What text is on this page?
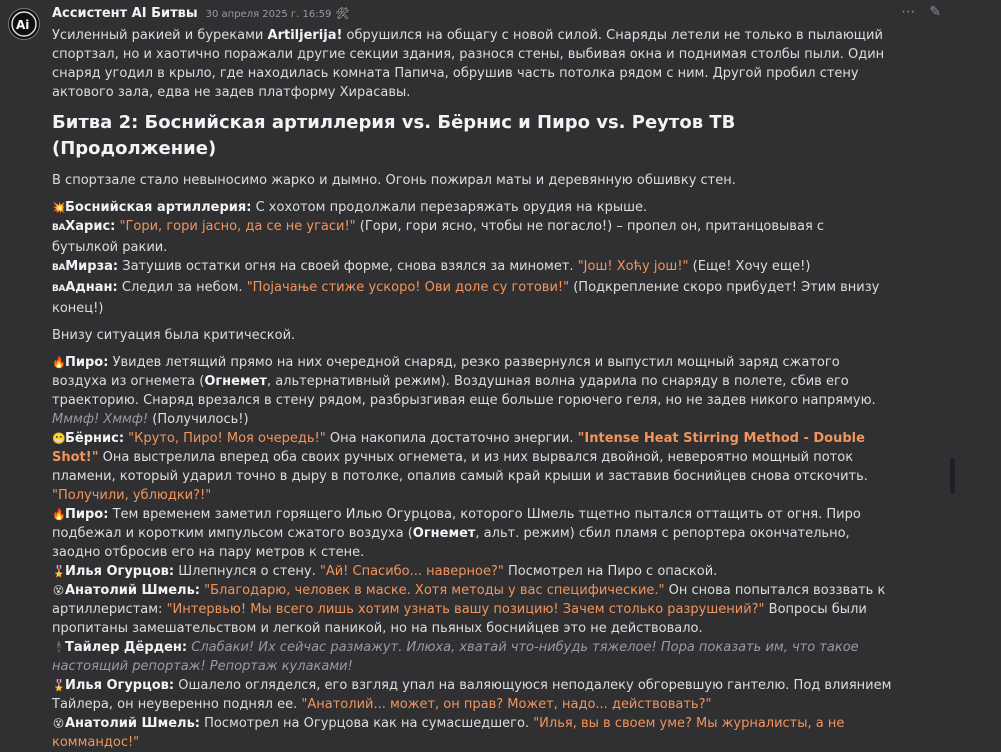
Ai
Ассистент AI Битвы 30 апреля 2025 г. 16:59 🛠	⋯ ✎

Усиленный ракией и буреками Artiljerija! обрушился на общагу с новой силой. Снаряды летели не только в пылающий спортзал, но и хаотично поражали другие секции здания, разнося стены, выбивая окна и поднимая столбы пыли. Один снаряд угодил в крыло, где находилась комната Папича, обрушив часть потолка рядом с ним. Другой пробил стену актового зала, едва не задев платформу Хирасавы.

Битва 2: Боснийская артиллерия vs. Бёрнис и Пиро vs. Реутов ТВ (Продолжение)

В спортзале стало невыносимо жарко и дымно. Огонь пожирал маты и деревянную обшивку стен.

💥Боснийская артиллерия: С хохотом продолжали перезаряжать орудия на крыше.

BAХарис: "Гори, гори јасно, да се не угаси!" (Гори, гори ясно, чтобы не погасло!) – пропел он, пританцовывая с бутылкой ракии.

BAМирза: Затушив остатки огня на своей форме, снова взялся за миномет. "Још! Хоћу још!" (Еще! Хочу еще!)

BAАднан: Следил за небом. "Појачање стиже ускоро! Ови доле су готови!" (Подкрепление скоро прибудет! Этим внизу конец!)

Внизу ситуация была критической.

🔥Пиро: Увидев летящий прямо на них очередной снаряд, резко развернулся и выпустил мощный заряд сжатого воздуха из огнемета (Огнемет, альтернативный режим). Воздушная волна ударила по снаряду в полете, сбив его траекторию. Снаряд врезался в стену рядом, разбрызгивая еще больше горючего геля, но не задев никого напрямую. Мммф! Хммф! (Получилось!)

😬Бёрнис: "Круто, Пиро! Моя очередь!" Она накопила достаточно энергии. "Intense Heat Stirring Method - Double Shot!" Она выстрелила вперед оба своих ручных огнемета, и из них вырвался двойной, невероятно мощный поток пламени, который ударил точно в дыру в потолке, опалив самый край крыши и заставив боснийцев снова отскочить. "Получили, ублюдки?!"

🔥Пиро: Тем временем заметил горящего Илью Огурцова, которого Шмель тщетно пытался оттащить от огня. Пиро подбежал и коротким импульсом сжатого воздуха (Огнемет, альт. режим) сбил пламя с репортера окончательно, заодно отбросив его на пару метров к стене.

🎖️Илья Огурцов: Шлепнулся о стену. "Ай! Спасибо... наверное?" Посмотрел на Пиро с опаской.

😵Анатолий Шмель: "Благодарю, человек в маске. Хотя методы у вас специфические." Он снова попытался воззвать к артиллеристам: "Интервью! Мы всего лишь хотим узнать вашу позицию! Зачем столько разрушений?" Вопросы были пропитаны замешательством и легкой паникой, но на пьяных боснийцев это не действовало.

🕴️Тайлер Дёрден: Слабаки! Их сейчас размажут. Илюха, хватай что-нибудь тяжелое! Пора показать им, что такое настоящий репортаж! Репортаж кулаками!

🎖️Илья Огурцов: Ошалело огляделся, его взгляд упал на валяющуюся неподалеку обгоревшую гантелю. Под влиянием Тайлера, он неуверенно поднял ее. "Анатолий... может, он прав? Может, надо... действовать?"

😵Анатолий Шмель: Посмотрел на Огурцова как на сумасшедшего. "Илья, вы в своем уме? Мы журналисты, а не коммандос!"
